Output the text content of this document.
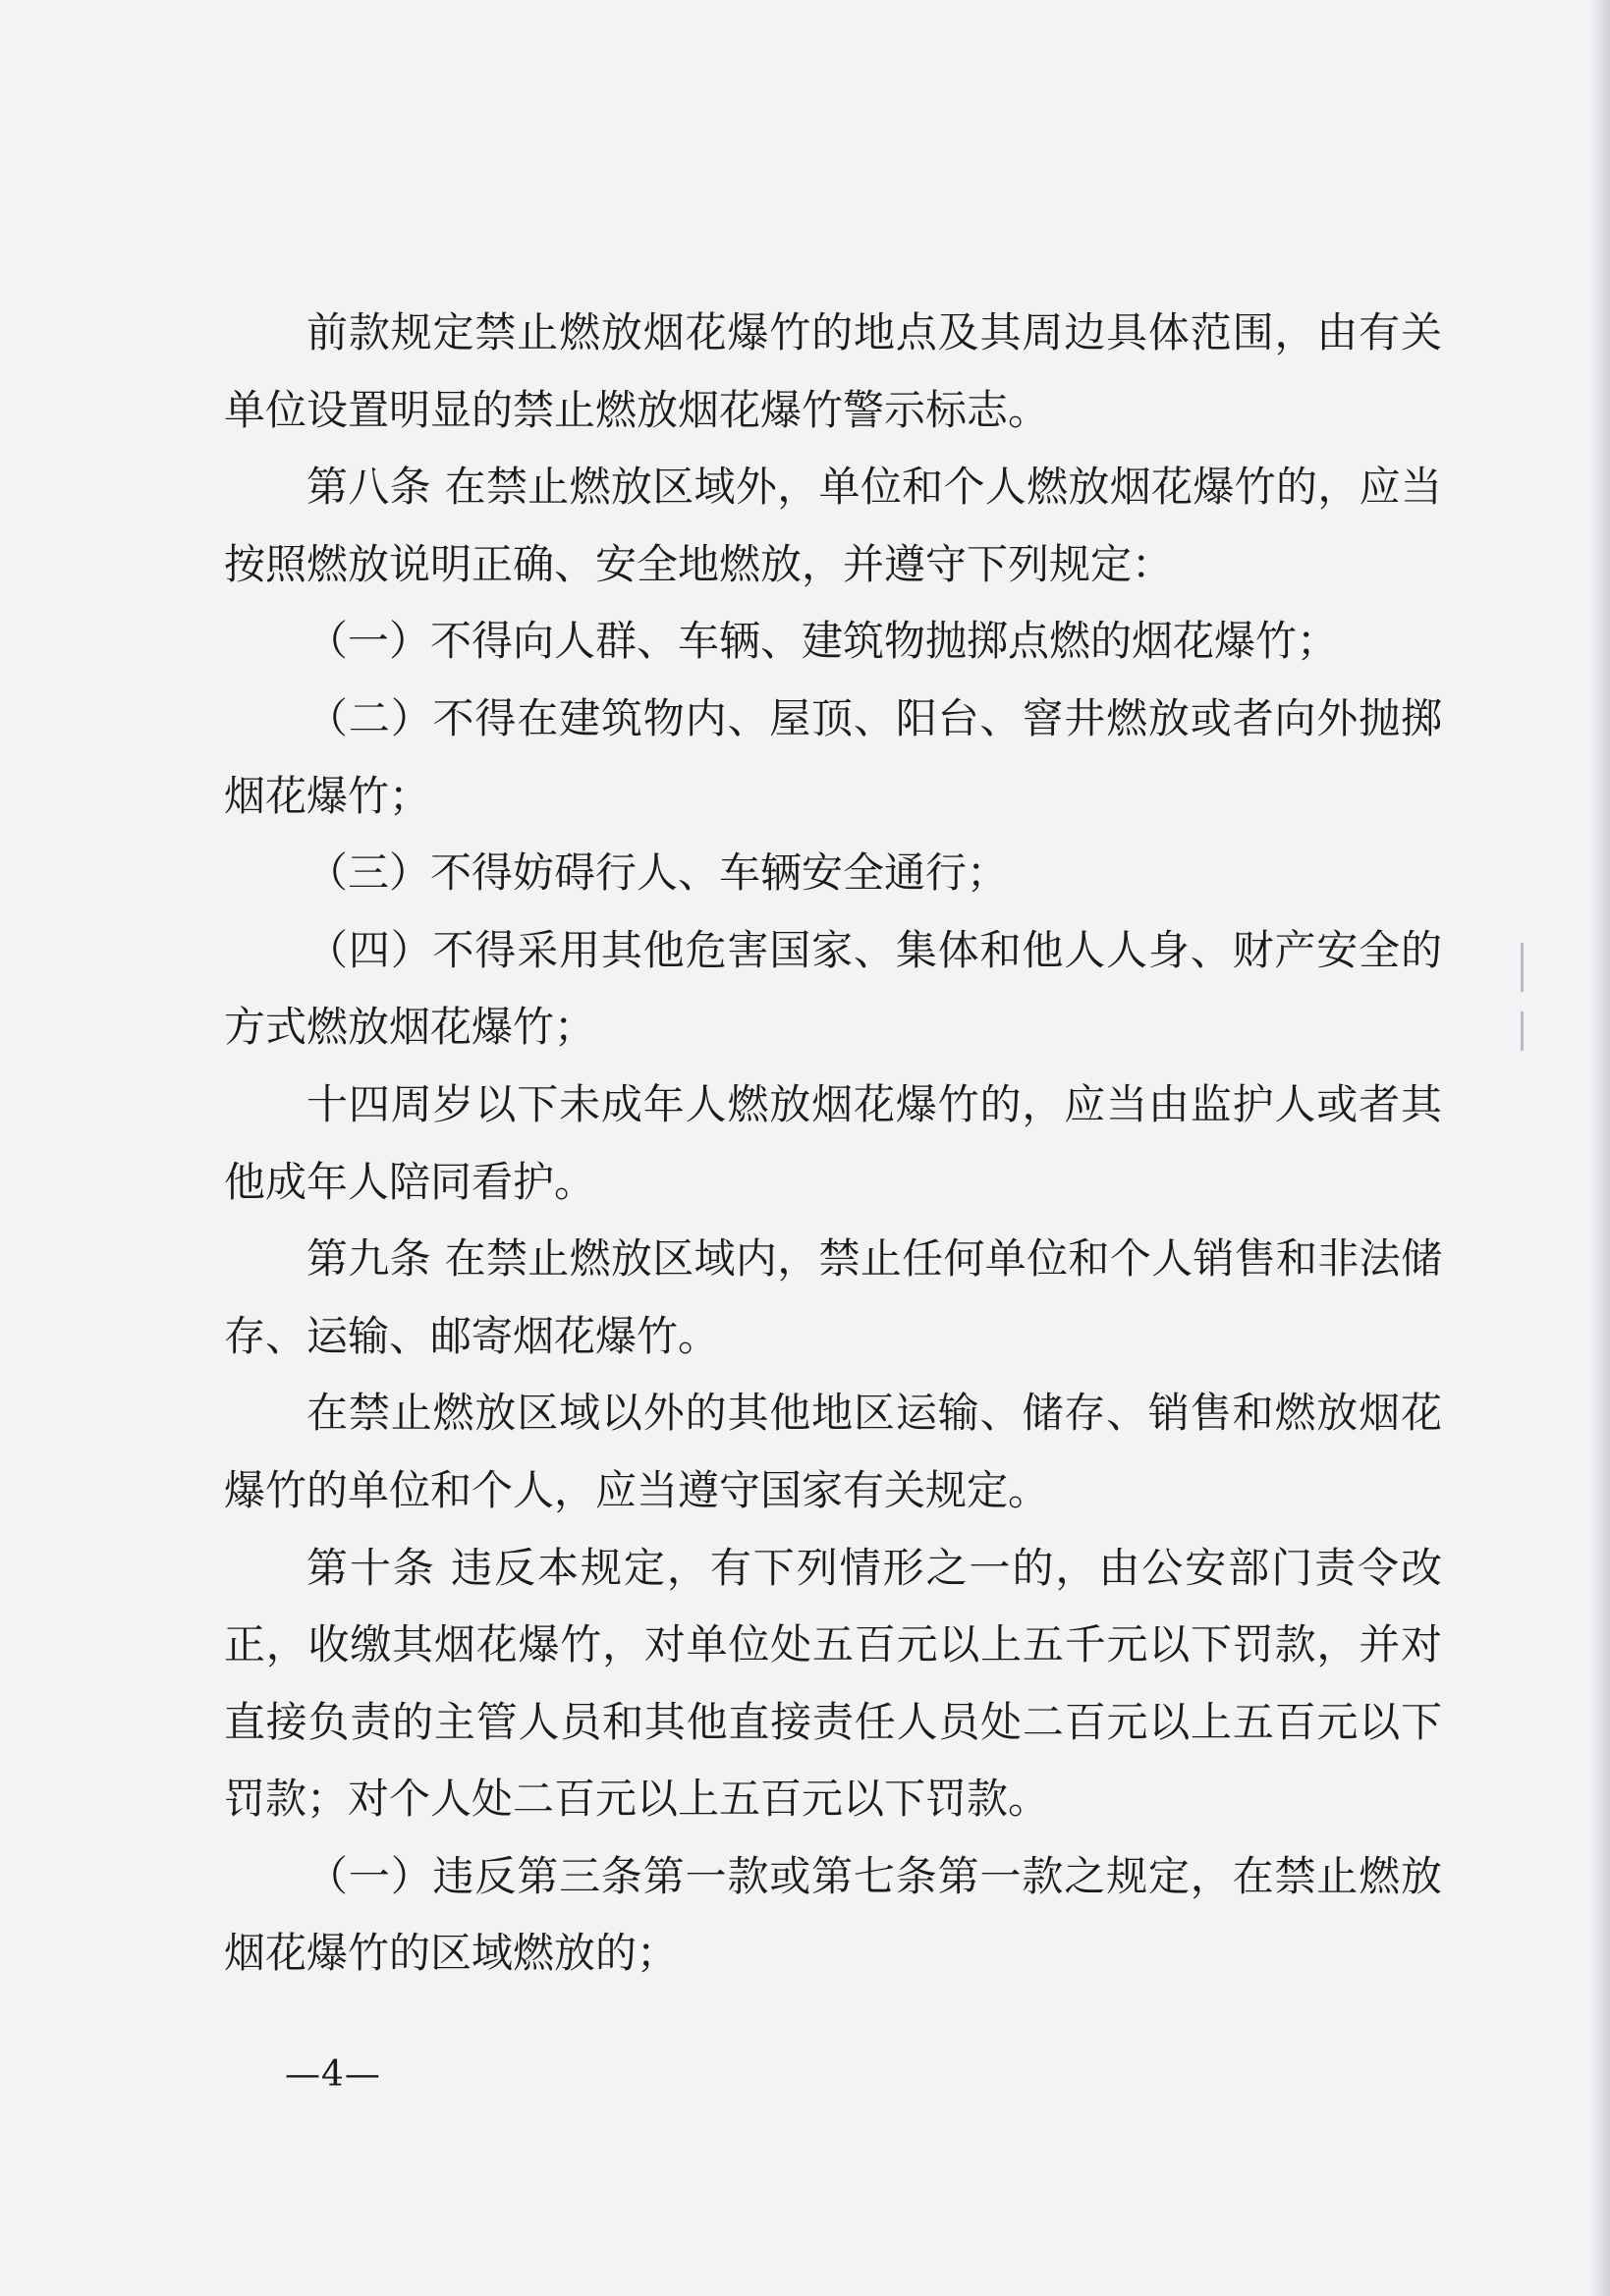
前款规定禁止燃放烟花爆竹的地点及其周边具体范围，由有关单位设置明显的禁止燃放烟花爆竹警示标志。

第八条 在禁止燃放区域外，单位和个人燃放烟花爆竹的，应当按照燃放说明正确、安全地燃放，并遵守下列规定：

（一）不得向人群、车辆、建筑物抛掷点燃的烟花爆竹；

（二）不得在建筑物内、屋顶、阳台、窨井燃放或者向外抛掷烟花爆竹；

（三）不得妨碍行人、车辆安全通行；

（四）不得采用其他危害国家、集体和他人人身、财产安全的方式燃放烟花爆竹；

十四周岁以下未成年人燃放烟花爆竹的，应当由监护人或者其他成年人陪同看护。

第九条 在禁止燃放区域内，禁止任何单位和个人销售和非法储存、运输、邮寄烟花爆竹。

在禁止燃放区域以外的其他地区运输、储存、销售和燃放烟花爆竹的单位和个人，应当遵守国家有关规定。

第十条 违反本规定，有下列情形之一的，由公安部门责令改正，收缴其烟花爆竹，对单位处五百元以上五千元以下罚款，并对直接负责的主管人员和其他直接责任人员处二百元以上五百元以下罚款；对个人处二百元以上五百元以下罚款。

（一）违反第三条第一款或第七条第一款之规定，在禁止燃放烟花爆竹的区域燃放的；

—4—
